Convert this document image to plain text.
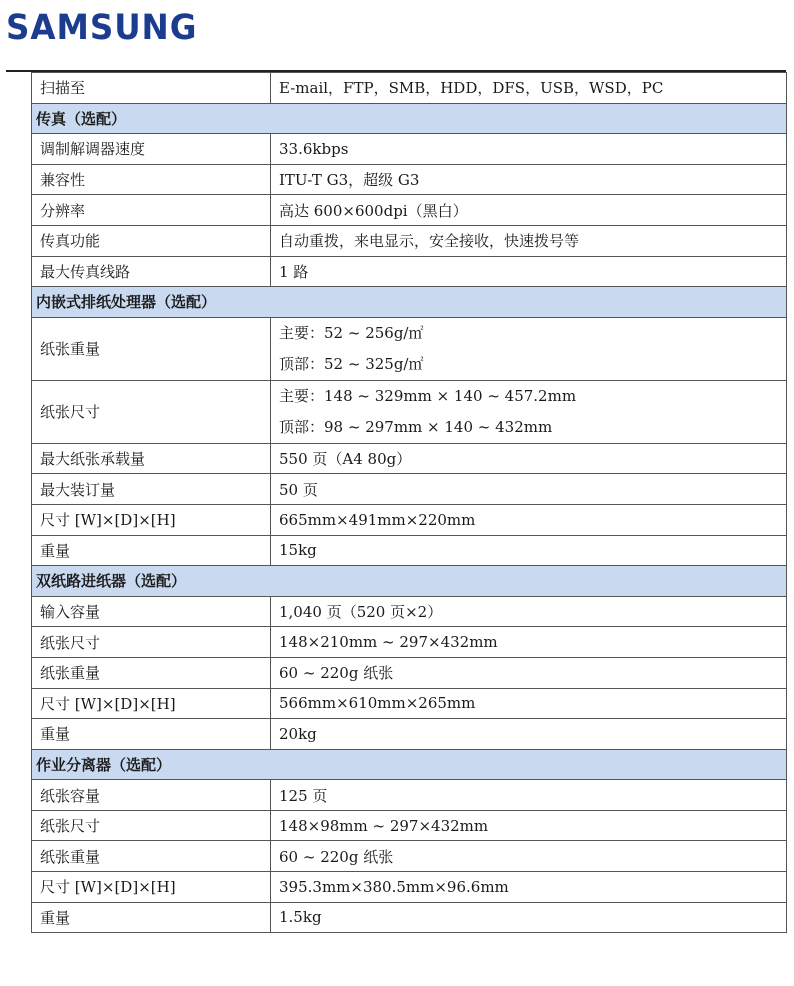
SAMSUNG
扫描至	E-mail，FTP，SMB，HDD，DFS，USB，WSD，PC
传真（选配）	
调制解调器速度	33.6kbps
兼容性	ITU-T G3，超级 G3
分辨率	高达 600×600dpi（黑白）
传真功能	自动重拨，来电显示，安全接收，快速拨号等
最大传真线路	1 路
内嵌式排纸处理器（选配）	
纸张重量	主要：52 ~ 256g/㎡
顶部：52 ~ 325g/㎡

纸张尺寸	主要：148 ~ 329mm × 140 ~ 457.2mm
顶部：98 ~ 297mm × 140 ~ 432mm

最大纸张承载量	550 页（A4 80g）
最大装订量	50 页
尺寸 [W]×[D]×[H]	665mm×491mm×220mm
重量	15kg
双纸路进纸器（选配）	
输入容量	1,040 页（520 页×2）
纸张尺寸	148×210mm ~ 297×432mm
纸张重量	60 ~ 220g 纸张
尺寸 [W]×[D]×[H]	566mm×610mm×265mm
重量	20kg
作业分离器（选配）	
纸张容量	125 页
纸张尺寸	148×98mm ~ 297×432mm
纸张重量	60 ~ 220g 纸张
尺寸 [W]×[D]×[H]	395.3mm×380.5mm×96.6mm
重量	1.5kg
